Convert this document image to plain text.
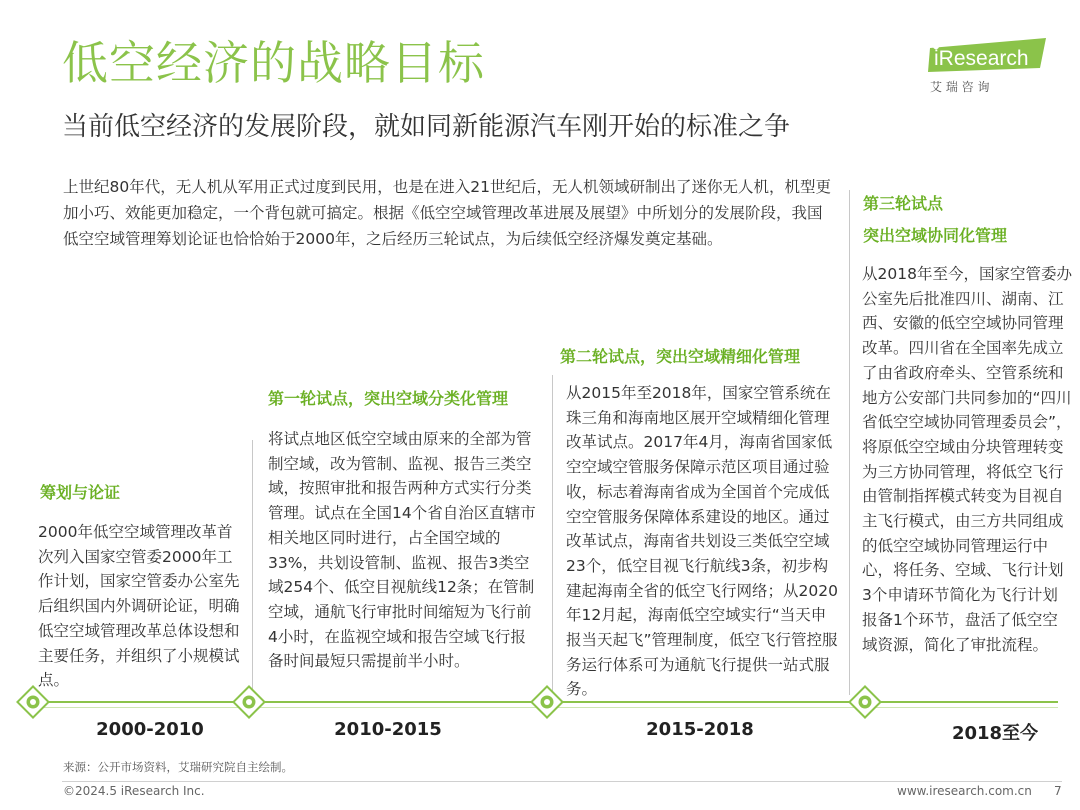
低空经济的战略目标
当前低空经济的发展阶段，就如同新能源汽车刚开始的标准之争
iResearch
艾 瑞 咨 询
上世纪80年代，无人机从军用正式过度到民用，也是在进入21世纪后，无人机领域研制出了迷你无人机，机型更加小巧、效能更加稳定，一个背包就可搞定。根据《低空空域管理改革进展及展望》中所划分的发展阶段，我国低空空域管理筹划论证也恰恰始于2000年，之后经历三轮试点，为后续低空经济爆发奠定基础。
筹划与论证
2000年低空空域管理改革首次列入国家空管委2000年工作计划，国家空管委办公室先后组织国内外调研论证，明确低空空域管理改革总体设想和主要任务，并组织了小规模试点。
第一轮试点，突出空域分类化管理
将试点地区低空空域由原来的全部为管制空域，改为管制、监视、报告三类空域，按照审批和报告两种方式实行分类管理。试点在全国14个省自治区直辖市相关地区同时进行，占全国空域的33%，共划设管制、监视、报告3类空域254个、低空目视航线12条；在管制空域，通航飞行审批时间缩短为飞行前4小时，在监视空域和报告空域飞行报备时间最短只需提前半小时。
第二轮试点，突出空域精细化管理
从2015年至2018年，国家空管系统在珠三角和海南地区展开空域精细化管理改革试点。2017年4月，海南省国家低空空域空管服务保障示范区项目通过验收，标志着海南省成为全国首个完成低空空管服务保障体系建设的地区。通过改革试点，海南省共划设三类低空空域23个，低空目视飞行航线3条，初步构建起海南全省的低空飞行网络；从2020年12月起，海南低空空域实行“当天申报当天起飞”管理制度，低空飞行管控服务运行体系可为通航飞行提供一站式服务。
第三轮试点
突出空域协同化管理
从2018年至今，国家空管委办公室先后批准四川、湖南、江西、安徽的低空空域协同管理改革。四川省在全国率先成立了由省政府牵头、空管系统和地方公安部门共同参加的“四川省低空空域协同管理委员会”，将原低空空域由分块管理转变为三方协同管理，将低空飞行由管制指挥模式转变为目视自主飞行模式，由三方共同组成的低空空域协同管理运行中心，将任务、空域、飞行计划3个申请环节简化为飞行计划报备1个环节，盘活了低空空域资源，简化了审批流程。
2000-2010	2010-2015	2015-2018	2018至今
来源：公开市场资料，艾瑞研究院自主绘制。
©2024.5 iResearch Inc.	www.iresearch.com.cn 7
